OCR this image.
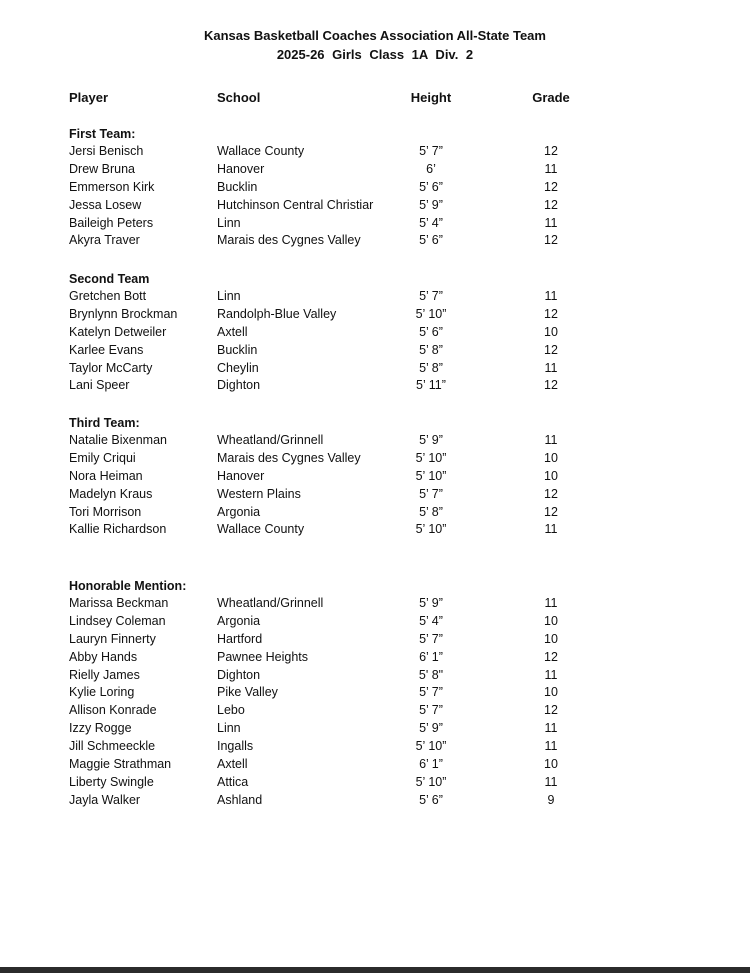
Kansas Basketball Coaches Association All-State Team
2025-26 Girls Class 1A Div. 2
Player	School	Height	Grade
First Team:
Jersi Benisch	Wallace County	5’ 7”	12
Drew Bruna	Hanover	6’	11
Emmerson Kirk	Bucklin	5’ 6”	12
Jessa Losew	Hutchinson Central Christiar	5’ 9”	12
Baileigh Peters	Linn	5’ 4”	11
Akyra Traver	Marais des Cygnes Valley	5’ 6”	12
Second Team
Gretchen Bott	Linn	5’ 7”	11
Brynlynn Brockman	Randolph-Blue Valley	5’ 10”	12
Katelyn Detweiler	Axtell	5’ 6”	10
Karlee Evans	Bucklin	5’ 8”	12
Taylor McCarty	Cheylin	5’ 8”	11
Lani Speer	Dighton	5’ 11”	12
Third Team:
Natalie Bixenman	Wheatland/Grinnell	5’ 9”	11
Emily Criqui	Marais des Cygnes Valley	5’ 10”	10
Nora Heiman	Hanover	5’ 10”	10
Madelyn Kraus	Western Plains	5’ 7”	12
Tori Morrison	Argonia	5’ 8”	12
Kallie Richardson	Wallace County	5’ 10”	11
Honorable Mention:
Marissa Beckman	Wheatland/Grinnell	5’ 9”	11
Lindsey Coleman	Argonia	5’ 4”	10
Lauryn Finnerty	Hartford	5’ 7”	10
Abby Hands	Pawnee Heights	6’ 1”	12
Rielly James	Dighton	5' 8"	11
Kylie Loring	Pike Valley	5’ 7”	10
Allison Konrade	Lebo	5’ 7”	12
Izzy Rogge	Linn	5’ 9”	11
Jill Schmeeckle	Ingalls	5’ 10”	11
Maggie Strathman	Axtell	6’ 1”	10
Liberty Swingle	Attica	5’ 10”	11
Jayla Walker	Ashland	5’ 6”	9
